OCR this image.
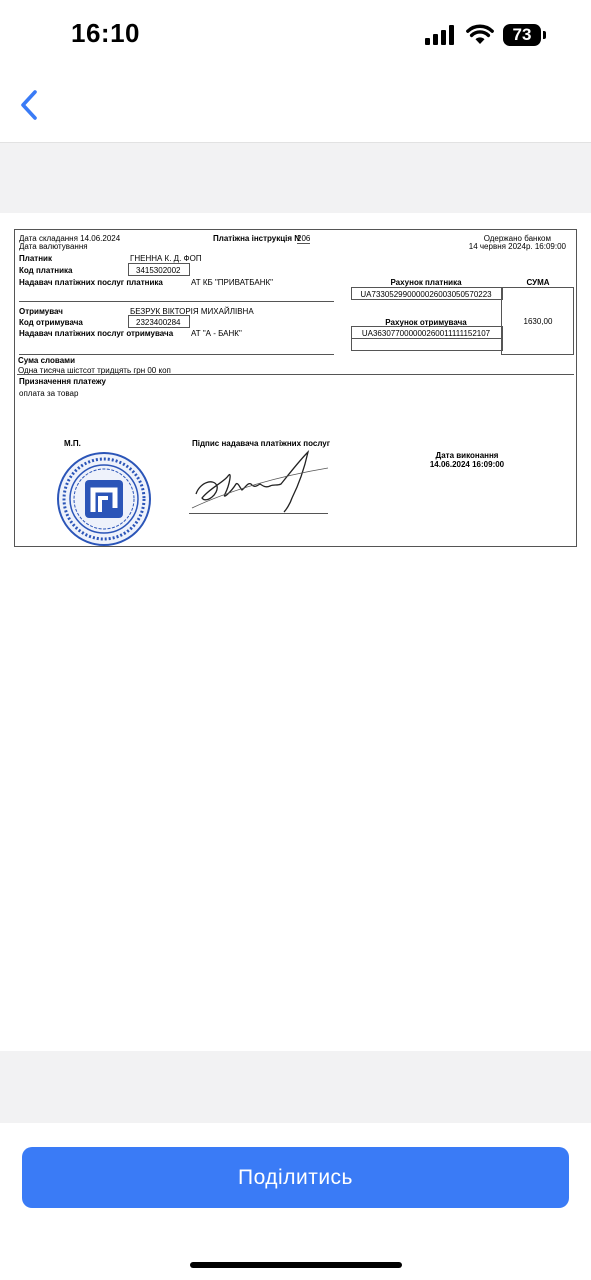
16:10	73
Дата складання 14.06.2024
Дата валютування
Платіжна інструкція N
206	Одержано банком
14 червня 2024р. 16:09:00
Платник	ГНЕННА К. Д. ФОП
Код платника	3415302002
Надавач платіжних послуг платника	АТ КБ "ПРИВАТБАНК"	Рахунок платника	СУМА
UA733052990000026003050570223
1630,00
Отримувач	БЕЗРУК ВІКТОРІЯ МИХАЙЛІВНА
Код отримувача	2323400284
Надавач платіжних послуг отримувача АТ "А - БАНК"
Рахунок отримувача
UA363077000000260011111152107
Сума словами
Одна тисяча шістсот тридцять грн 00 коп
Призначення платежу
оплата за товар
М.П.	Підпис надавача платіжних послуг
Дата виконання
14.06.2024 16:09:00
Поділитись
